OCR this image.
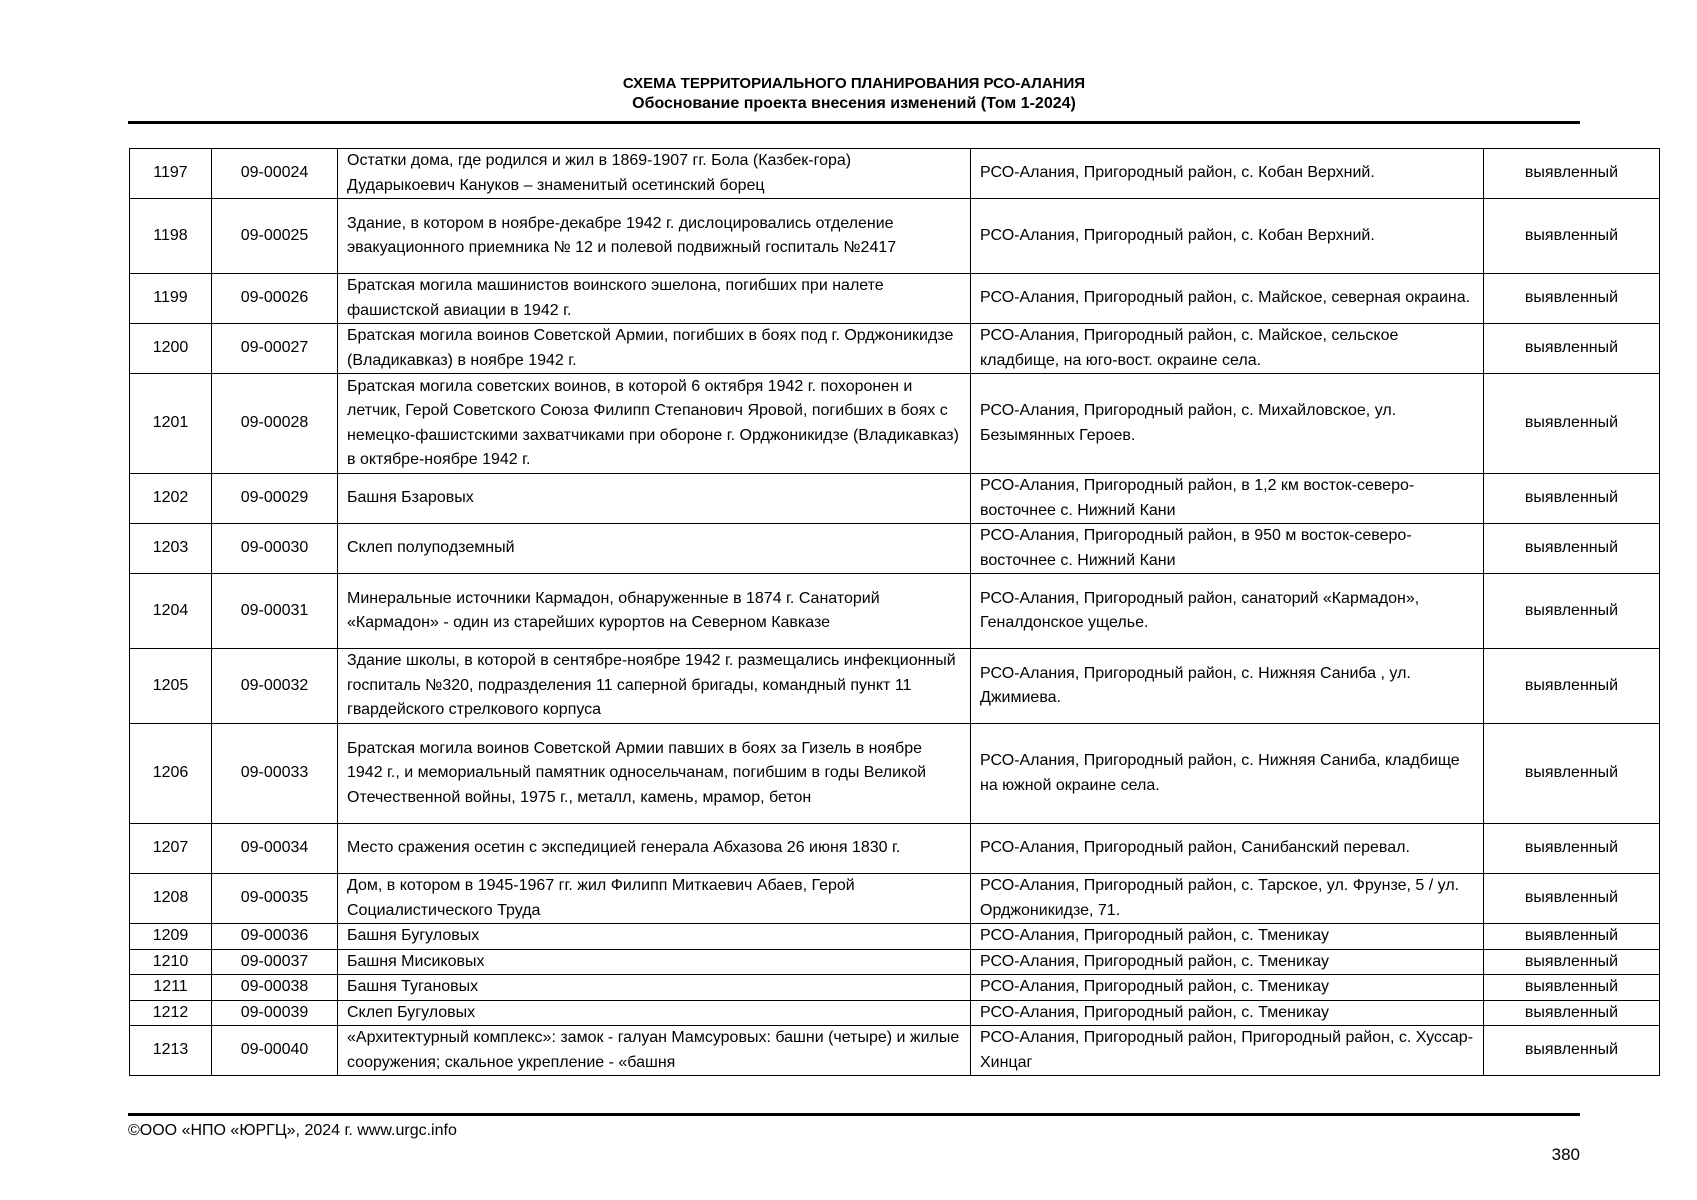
СХЕМА ТЕРРИТОРИАЛЬНОГО ПЛАНИРОВАНИЯ РСО-АЛАНИЯ
Обоснование проекта внесения изменений (Том 1-2024)
1197	09-00024	Остатки дома, где родился и жил в 1869-1907 гг. Бола (Казбек-гора) Дударыкоевич Кануков – знаменитый осетинский борец	РСО-Алания, Пригородный район, с. Кобан Верхний.	выявленный
1198	09-00025	Здание, в котором в ноябре-декабре 1942 г. дислоцировались отделение эвакуационного приемника № 12 и полевой подвижный госпиталь №2417	РСО-Алания, Пригородный район, с. Кобан Верхний.	выявленный
1199	09-00026	Братская могила машинистов воинского эшелона, погибших при налете фашистской авиации в 1942 г.	РСО-Алания, Пригородный район, с. Майское, северная окраина.	выявленный
1200	09-00027	Братская могила воинов Советской Армии, погибших в боях под г. Орджоникидзе (Владикавказ) в ноябре 1942 г.	РСО-Алания, Пригородный район, с. Майское, сельское кладбище, на юго-вост. окраине села.	выявленный
1201	09-00028	Братская могила советских воинов, в которой 6 октября 1942 г. похоронен и летчик, Герой Советского Союза Филипп Степанович Яровой, погибших в боях с немецко-фашистскими захватчиками при обороне г. Орджоникидзе (Владикавказ) в октябре-ноябре 1942 г.	РСО-Алания, Пригородный район, с. Михайловское, ул. Безымянных Героев.	выявленный
1202	09-00029	Башня Бзаровых	РСО-Алания, Пригородный район, в 1,2 км восток-северо-восточнее с. Нижний Кани	выявленный
1203	09-00030	Склеп полуподземный	РСО-Алания, Пригородный район, в 950 м восток-северо-восточнее с. Нижний Кани	выявленный
1204	09-00031	Минеральные источники Кармадон, обнаруженные в 1874 г. Санаторий «Кармадон» - один из старейших курортов на Северном Кавказе	РСО-Алания, Пригородный район, санаторий «Кармадон», Геналдонское ущелье.	выявленный
1205	09-00032	Здание школы, в которой в сентябре-ноябре 1942 г. размещались инфекционный госпиталь №320, подразделения 11 саперной бригады, командный пункт 11 гвардейского стрелкового корпуса	РСО-Алания, Пригородный район, с. Нижняя Саниба , ул. Джимиева.	выявленный
1206	09-00033	Братская могила воинов Советской Армии павших в боях за Гизель в ноябре 1942 г., и мемориальный памятник односельчанам, погибшим в годы Великой Отечественной войны, 1975 г., металл, камень, мрамор, бетон	РСО-Алания, Пригородный район, с. Нижняя Саниба, кладбище на южной окраине села.	выявленный
1207	09-00034	Место сражения осетин с экспедицией генерала Абхазова 26 июня 1830 г.	РСО-Алания, Пригородный район, Санибанский перевал.	выявленный
1208	09-00035	Дом, в котором в 1945-1967 гг. жил Филипп Миткаевич Абаев, Герой Социалистического Труда	РСО-Алания, Пригородный район, с. Тарское, ул. Фрунзе, 5 / ул. Орджоникидзе, 71.	выявленный
1209	09-00036	Башня Бугуловых	РСО-Алания, Пригородный район, с. Тменикау	выявленный
1210	09-00037	Башня Мисиковых	РСО-Алания, Пригородный район, с. Тменикау	выявленный
1211	09-00038	Башня Тугановых	РСО-Алания, Пригородный район, с. Тменикау	выявленный
1212	09-00039	Склеп Бугуловых	РСО-Алания, Пригородный район, с. Тменикау	выявленный
1213	09-00040	«Архитектурный комплекс»: замок - галуан Мамсуровых: башни (четыре) и жилые сооружения; скальное укрепление - «башня	РСО-Алания, Пригородный район, Пригородный район, с. Хуссар-Хинцаг	выявленный
©ООО «НПО «ЮРГЦ», 2024 г. www.urgc.info
380
